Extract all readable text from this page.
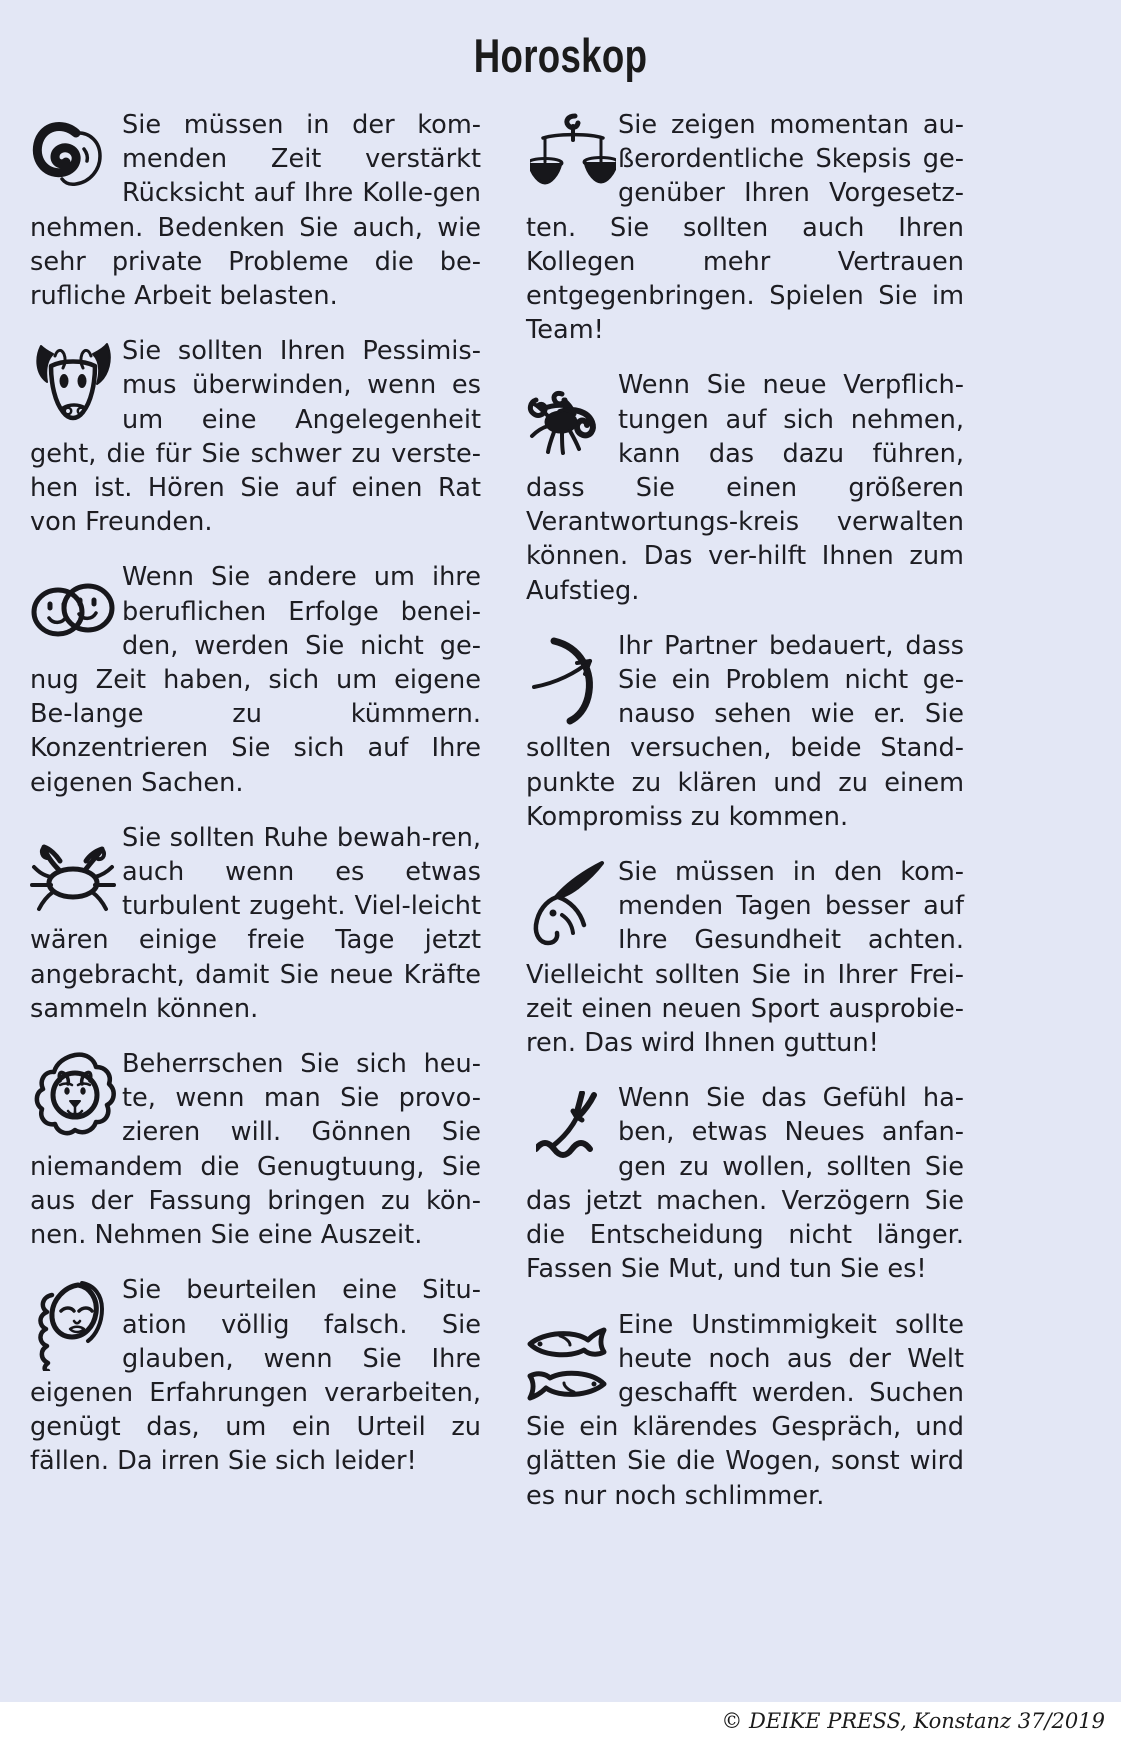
Horoskop

Sie müssen in der kom-menden Zeit verstärkt Rücksicht auf Ihre Kolle-gen nehmen. Bedenken Sie auch, wie sehr private Probleme die be-rufliche Arbeit belasten.

Sie sollten Ihren Pessimis-mus überwinden, wenn es um eine Angelegenheit geht, die für Sie schwer zu verste-hen ist. Hören Sie auf einen Rat von Freunden.

Wenn Sie andere um ihre beruflichen Erfolge benei-den, werden Sie nicht ge-nug Zeit haben, sich um eigene Be-lange zu kümmern. Konzentrieren Sie sich auf Ihre eigenen Sachen.

Sie sollten Ruhe bewah-ren, auch wenn es etwas turbulent zugeht. Viel-leicht wären einige freie Tage jetzt angebracht, damit Sie neue Kräfte sammeln können.

Beherrschen Sie sich heu-te, wenn man Sie provo-zieren will. Gönnen Sie niemandem die Genugtuung, Sie aus der Fassung bringen zu kön-nen. Nehmen Sie eine Auszeit.

Sie beurteilen eine Situ-ation völlig falsch. Sie glauben, wenn Sie Ihre eigenen Erfahrungen verarbeiten, genügt das, um ein Urteil zu fällen. Da irren Sie sich leider!

Sie zeigen momentan au-ßerordentliche Skepsis ge-genüber Ihren Vorgesetz-ten. Sie sollten auch Ihren Kollegen mehr Vertrauen entgegenbringen. Spielen Sie im Team!

Wenn Sie neue Verpflich-tungen auf sich nehmen, kann das dazu führen, dass Sie einen größeren Verantwortungs-kreis verwalten können. Das ver-hilft Ihnen zum Aufstieg.

Ihr Partner bedauert, dass Sie ein Problem nicht ge-nauso sehen wie er. Sie sollten versuchen, beide Stand-punkte zu klären und zu einem Kompromiss zu kommen.

Sie müssen in den kom-menden Tagen besser auf Ihre Gesundheit achten. Vielleicht sollten Sie in Ihrer Frei-zeit einen neuen Sport ausprobie-ren. Das wird Ihnen guttun!

Wenn Sie das Gefühl ha-ben, etwas Neues anfan-gen zu wollen, sollten Sie das jetzt machen. Verzögern Sie die Entscheidung nicht länger. Fassen Sie Mut, und tun Sie es!

Eine Unstimmigkeit sollte heute noch aus der Welt geschafft werden. Suchen Sie ein klärendes Gespräch, und glätten Sie die Wogen, sonst wird es nur noch schlimmer.

© DEIKE PRESS, Konstanz 37/2019
